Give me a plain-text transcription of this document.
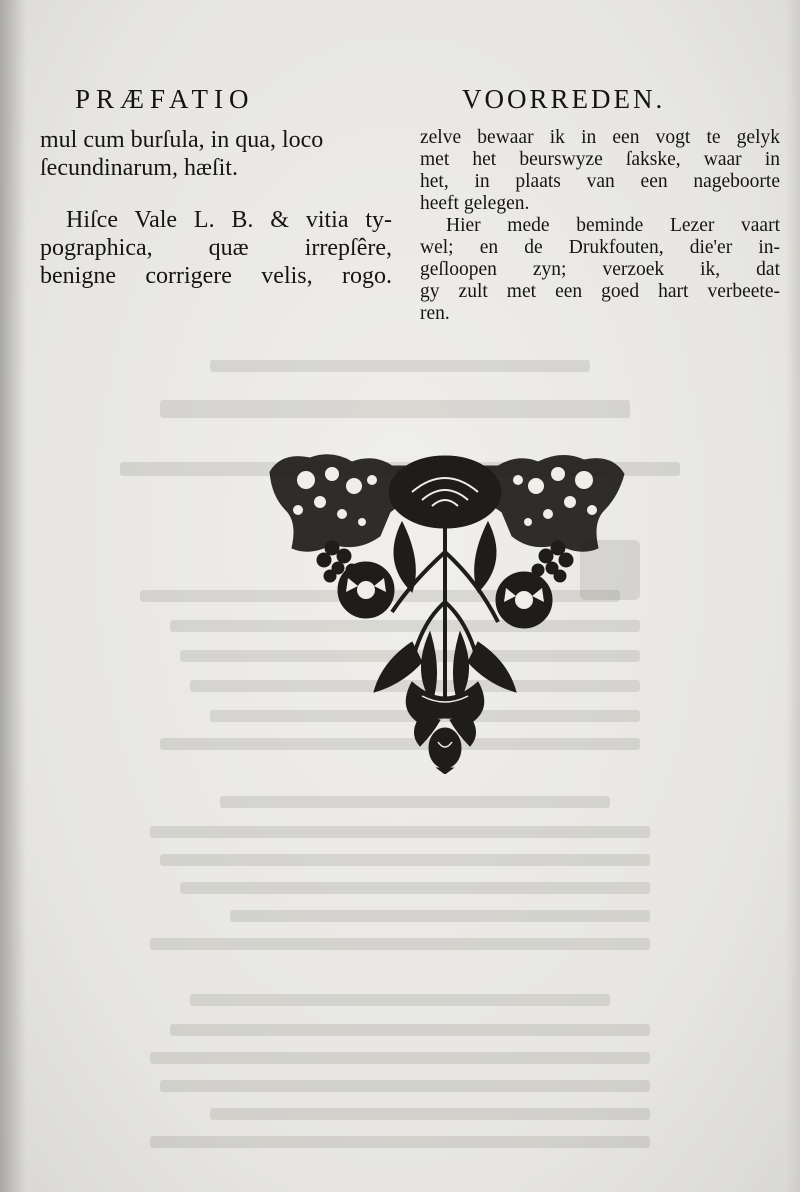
PRÆFATIO	VOORREDEN.
mul cum burſula, in qua, loco
ſecundinarum, hæſit.
Hiſce Vale L. B. & vitia ty-
pographica, quæ irrepſêre,
benigne corrigere velis, rogo.
zelve bewaar ik in een vogt te gelyk
met het beurswyze ſakske, waar in
het, in plaats van een nageboorte
heeft gelegen.
Hier mede beminde Lezer vaart
wel; en de Drukfouten, die'er in-
geſloopen zyn; verzoek ik, dat
gy zult met een goed hart verbeete-
ren.
